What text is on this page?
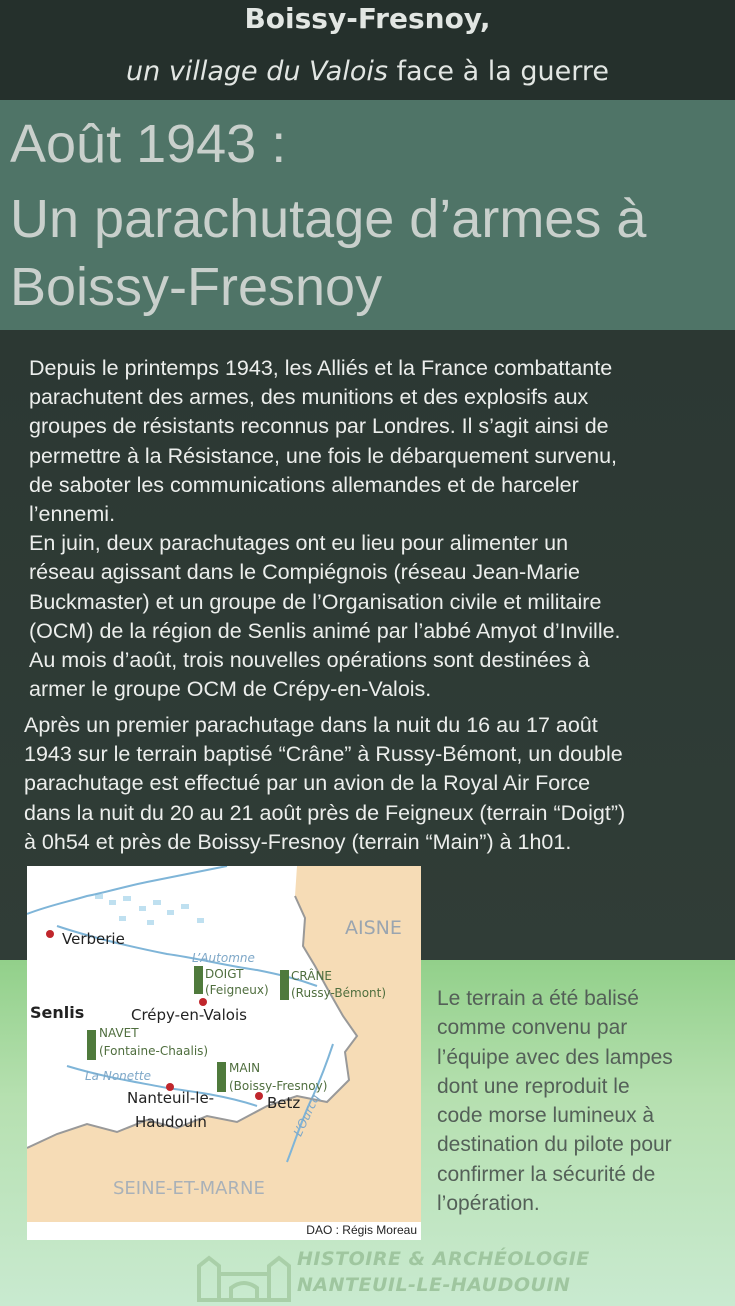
Boissy-Fresnoy,
un village du Valois face à la guerre
Août 1943 :
Un parachutage d’armes à
Boissy-Fresnoy
Depuis le printemps 1943, les Alliés et la France combattante
parachutent des armes, des munitions et des explosifs aux
groupes de résistants reconnus par Londres. Il s’agit ainsi de
permettre à la Résistance, une fois le débarquement survenu,
de saboter les communications allemandes et de harceler
l’ennemi.
En juin, deux parachutages ont eu lieu pour alimenter un
réseau agissant dans le Compiégnois (réseau Jean-Marie
Buckmaster) et un groupe de l’Organisation civile et militaire
(OCM) de la région de Senlis animé par l’abbé Amyot d’Inville.
Au mois d’août, trois nouvelles opérations sont destinées à
armer le groupe OCM de Crépy-en-Valois.
Après un premier parachutage dans la nuit du 16 au 17 août
1943 sur le terrain baptisé “Crâne” à Russy-Bémont, un double
parachutage est effectué par un avion de la Royal Air Force
dans la nuit du 20 au 21 août près de Feigneux (terrain “Doigt”)
à 0h54 et près de Boissy-Fresnoy (terrain “Main”) à 1h01.
Le terrain a été balisé
comme convenu par
l’équipe avec des lampes
dont une reproduit le
code morse lumineux à
destination du pilote pour
confirmer la sécurité de
l’opération.
AISNE
SEINE-ET-MARNE
L’Automne
La Nonette
L’Ourcq
Verberie
Senlis	Crépy-en-Valois
Nanteuil-le-
Haudouin
Betz
DOIGT
(Feigneux)
CRÂNE
(Russy-Bémont)
NAVET
(Fontaine-Chaalis)
MAIN
(Boissy-Fresnoy)
DAO : Régis Moreau
HISTOIRE & ARCHÉOLOGIE
NANTEUIL-LE-HAUDOUIN
